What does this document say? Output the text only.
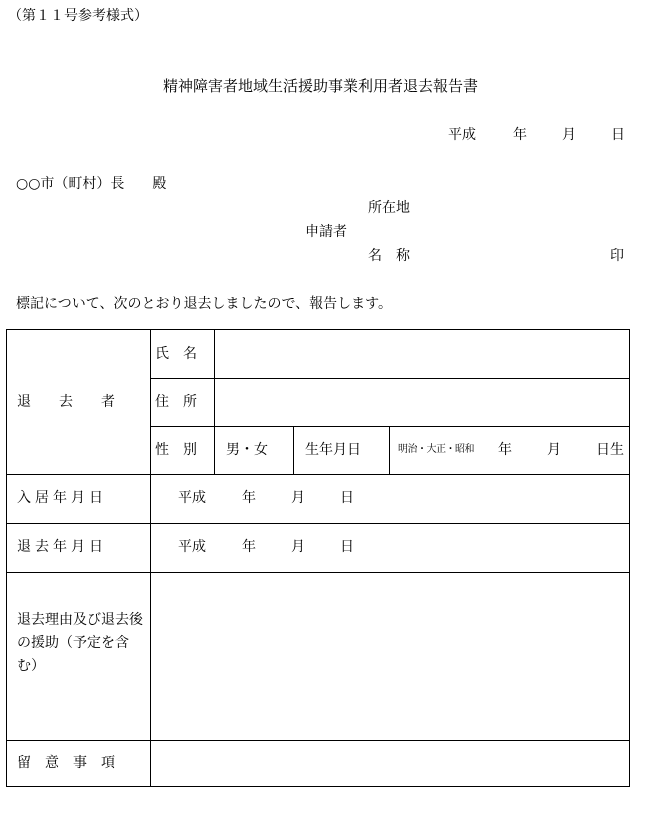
（第１１号参考様式）
精神障害者地域生活援助事業利用者退去報告書
平成	年	月	日
○○市（町村）長　　殿
所在地
申請者
名　称	印
標記について、次のとおり退去しましたので、報告します。
退　　去　　者
氏　名
住　所
性　別 男・女	生年月日	明治・大正・昭和 年	月	日生
入居年月日	平成	年	月	日
退去年月日	平成	年	月	日
退去理由及び退去後の援助（予定を含む）
留　意　事　項
